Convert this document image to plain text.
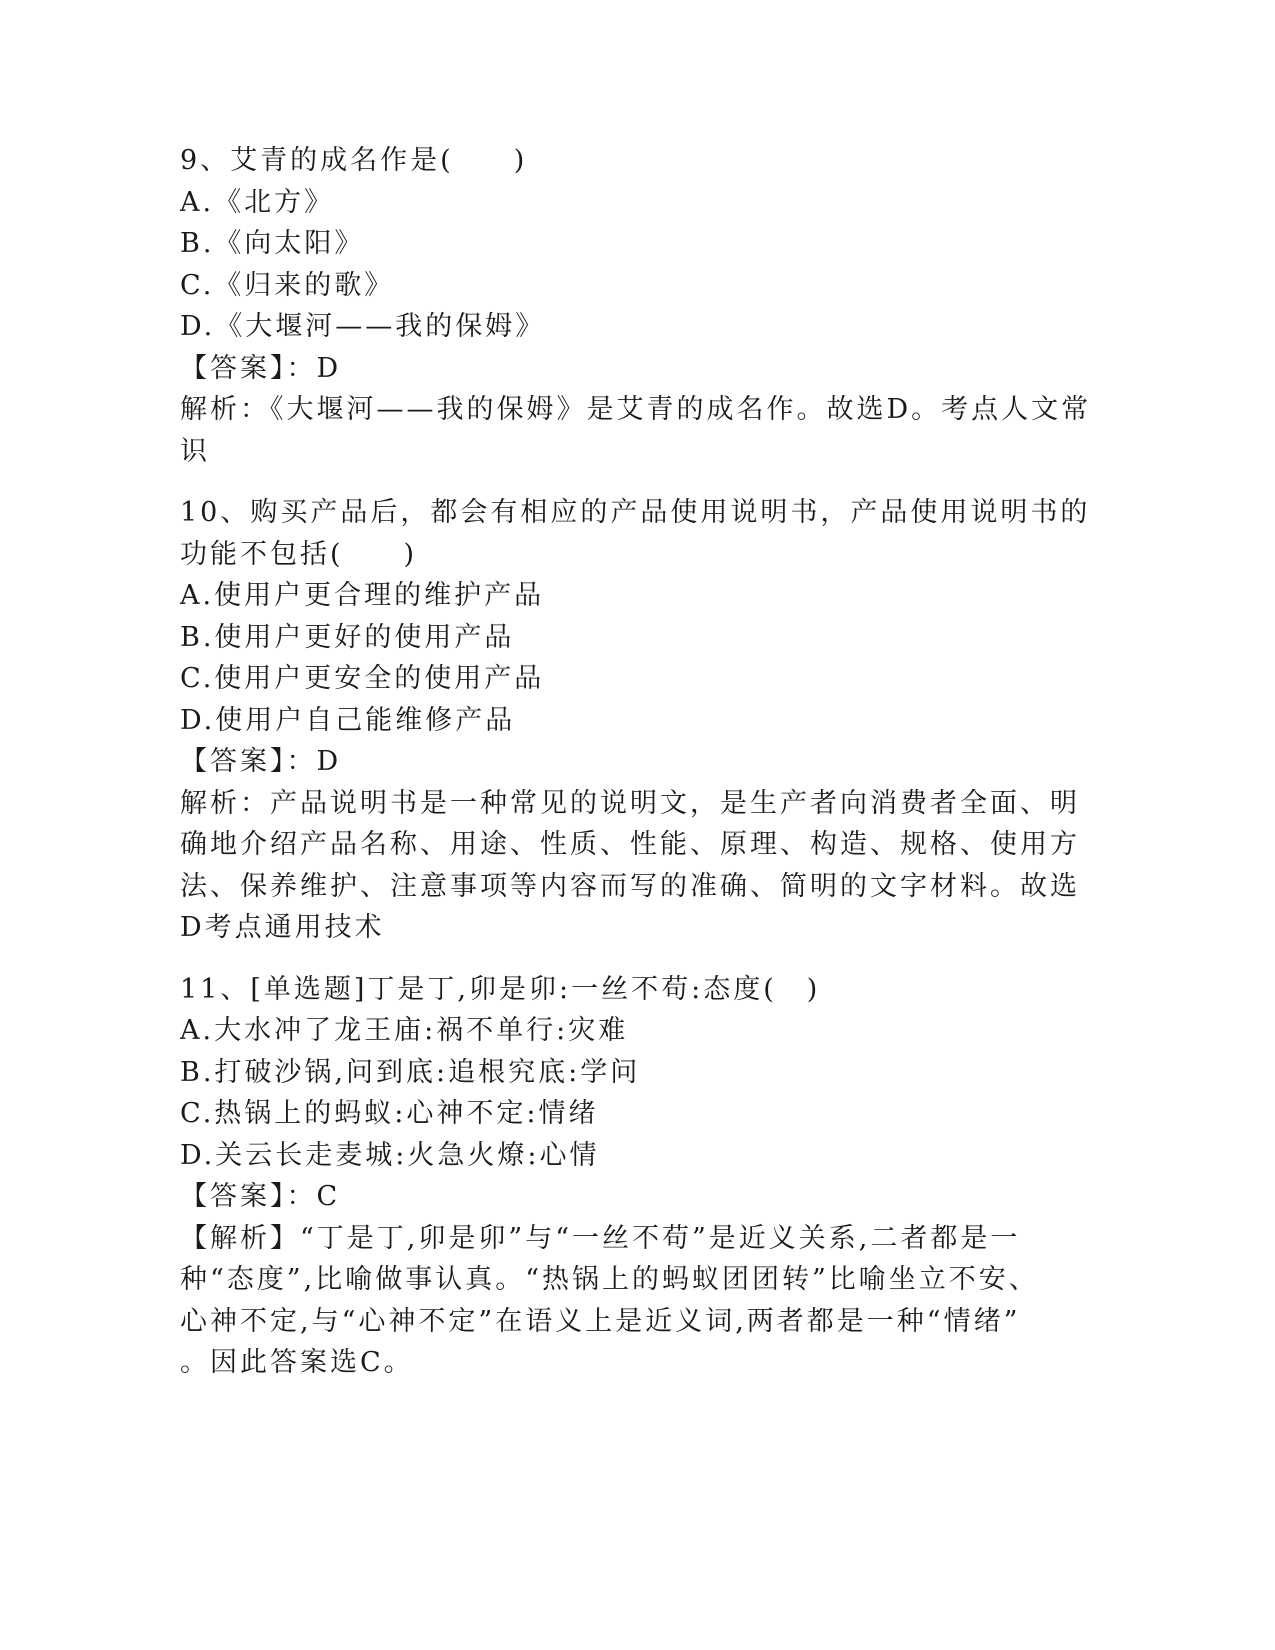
9、艾青的成名作是(　　)
A.《北方》
B.《向太阳》
C.《归来的歌》
D.《大堰河——我的保姆》
【答案】：D
解析：《大堰河——我的保姆》是艾青的成名作。故选D。考点人文常
识
10、购买产品后，都会有相应的产品使用说明书，产品使用说明书的
功能不包括(　　)
A.使用户更合理的维护产品
B.使用户更好的使用产品
C.使用户更安全的使用产品
D.使用户自己能维修产品
【答案】：D
解析：产品说明书是一种常见的说明文，是生产者向消费者全面、明
确地介绍产品名称、用途、性质、性能、原理、构造、规格、使用方
法、保养维护、注意事项等内容而写的准确、简明的文字材料。故选
D考点通用技术
11、[单选题]丁是丁,卯是卯:一丝不苟:态度(　)
A.大水冲了龙王庙:祸不单行:灾难
B.打破沙锅,问到底:追根究底:学问
C.热锅上的蚂蚁:心神不定:情绪
D.关云长走麦城:火急火燎:心情
【答案】：C
【解析】“丁是丁,卯是卯”与“一丝不苟”是近义关系,二者都是一
种“态度”,比喻做事认真。“热锅上的蚂蚁团团转”比喻坐立不安、
心神不定,与“心神不定”在语义上是近义词,两者都是一种“情绪”
。因此答案选C。
